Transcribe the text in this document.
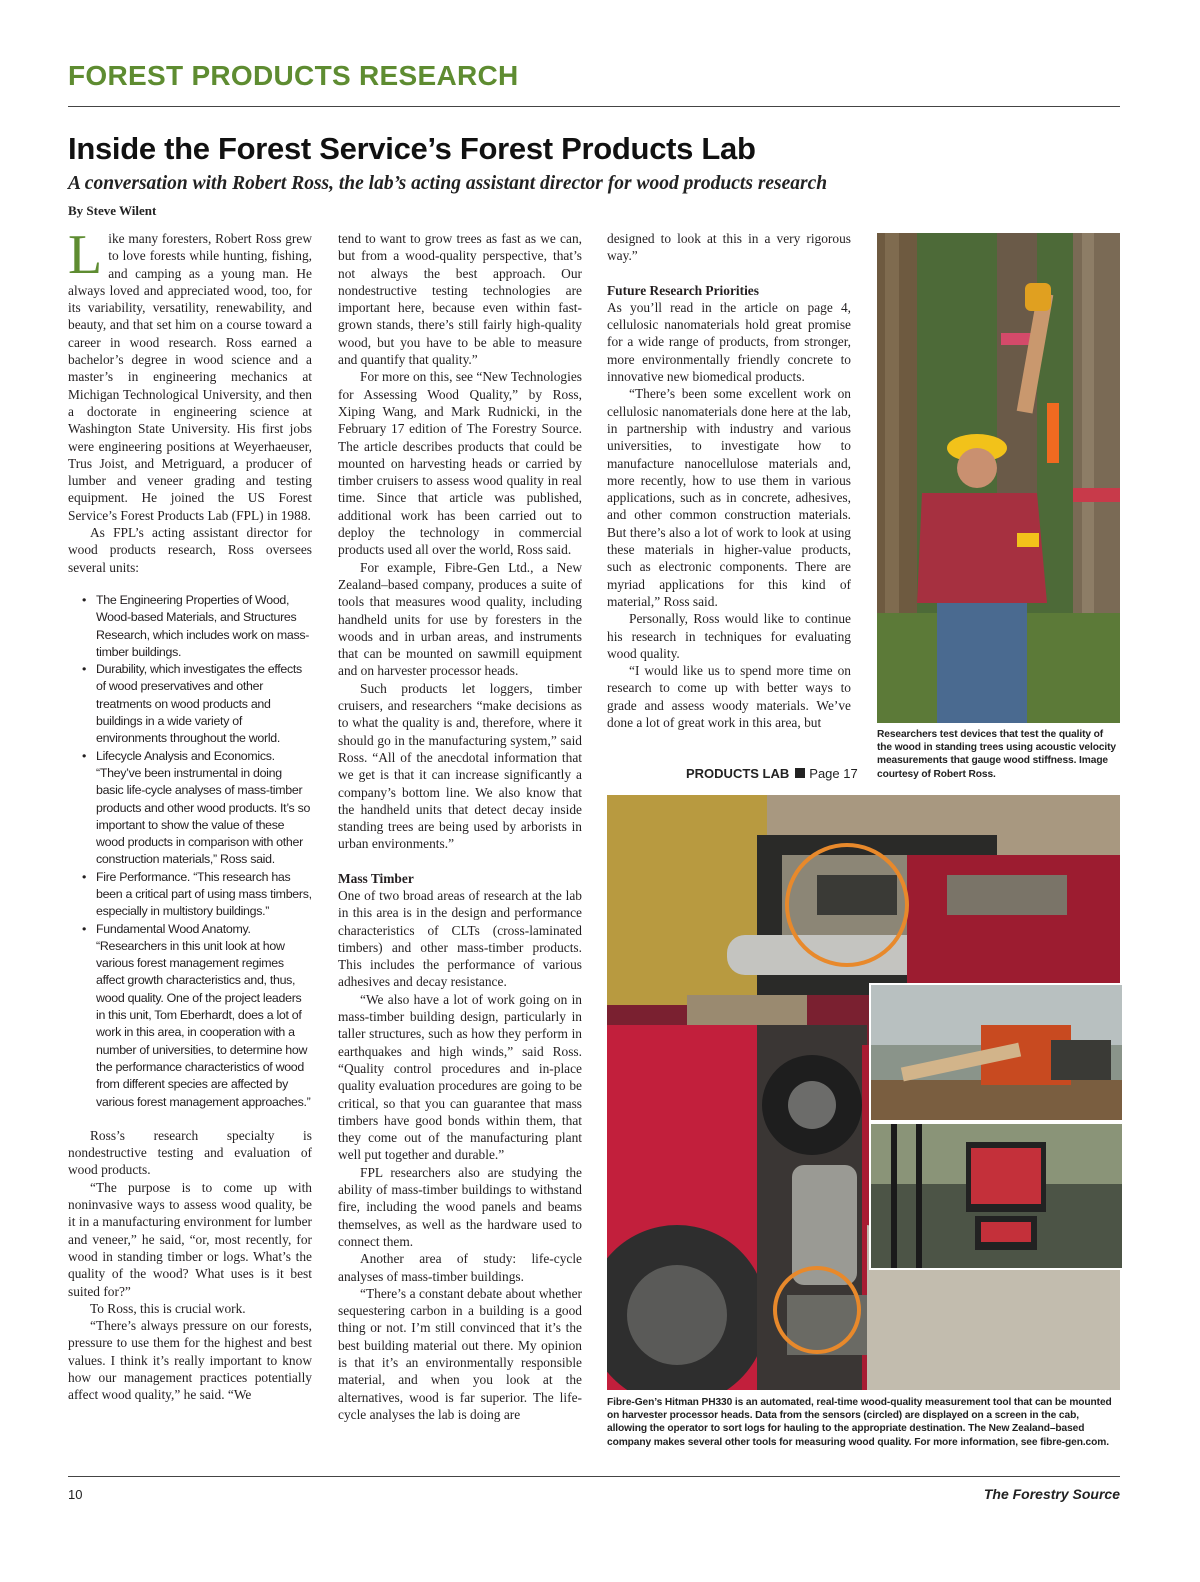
FOREST PRODUCTS RESEARCH
Inside the Forest Service’s Forest Products Lab
A conversation with Robert Ross, the lab’s acting assistant director for wood products research
By Steve Wilent

Like many foresters, Robert Ross grew to love forests while hunting, fishing, and camping as a young man. He always loved and appreciated wood, too, for its variability, versatility, renewability, and beauty, and that set him on a course toward a career in wood research. Ross earned a bachelor’s degree in wood science and a master’s in engineering mechanics at Michigan Technological University, and then a doctorate in engineering science at Washington State University. His first jobs were engineering positions at Weyerhaeuser, Trus Joist, and Metriguard, a producer of lumber and veneer grading and testing equipment. He joined the US Forest Service’s Forest Products Lab (FPL) in 1988.

As FPL’s acting assistant director for wood products research, Ross oversees several units:

• The Engineering Properties of Wood, Wood-based Materials, and Structures Research, which includes work on mass-timber buildings.
• Durability, which investigates the effects of wood preservatives and other treatments on wood products and buildings in a wide variety of environments throughout the world.
• Lifecycle Analysis and Economics. “They’ve been instrumental in doing basic life-cycle analyses of mass-timber products and other wood products. It’s so important to show the value of these wood products in comparison with other construction materials,” Ross said.
• Fire Performance. “This research has been a critical part of using mass timbers, especially in multistory buildings.”
• Fundamental Wood Anatomy. “Researchers in this unit look at how various forest management regimes affect growth characteristics and, thus, wood quality. One of the project leaders in this unit, Tom Eberhardt, does a lot of work in this area, in cooperation with a number of universities, to determine how the performance characteristics of wood from different species are affected by various forest management approaches.”

Ross’s research specialty is nondestructive testing and evaluation of wood products.

“The purpose is to come up with noninvasive ways to assess wood quality, be it in a manufacturing environment for lumber and veneer,” he said, “or, most recently, for wood in standing timber or logs. What’s the quality of the wood? What uses is it best suited for?”

To Ross, this is crucial work.

“There’s always pressure on our forests, pressure to use them for the highest and best values. I think it’s really important to know how our management practices potentially affect wood quality,” he said. “We

tend to want to grow trees as fast as we can, but from a wood-quality perspective, that’s not always the best approach. Our nondestructive testing technologies are important here, because even within fast-grown stands, there’s still fairly high-quality wood, but you have to be able to measure and quantify that quality.”

For more on this, see “New Technologies for Assessing Wood Quality,” by Ross, Xiping Wang, and Mark Rudnicki, in the February 17 edition of The Forestry Source. The article describes products that could be mounted on harvesting heads or carried by timber cruisers to assess wood quality in real time. Since that article was published, additional work has been carried out to deploy the technology in commercial products used all over the world, Ross said.

For example, Fibre-Gen Ltd., a New Zealand–based company, produces a suite of tools that measures wood quality, including handheld units for use by foresters in the woods and in urban areas, and instruments that can be mounted on sawmill equipment and on harvester processor heads.

Such products let loggers, timber cruisers, and researchers “make decisions as to what the quality is and, therefore, where it should go in the manufacturing system,” said Ross. “All of the anecdotal information that we get is that it can increase significantly a company’s bottom line. We also know that the handheld units that detect decay inside standing trees are being used by arborists in urban environments.”

Mass Timber

One of two broad areas of research at the lab in this area is in the design and performance characteristics of CLTs (cross-laminated timbers) and other mass-timber products. This includes the performance of various adhesives and decay resistance.

“We also have a lot of work going on in mass-timber building design, particularly in taller structures, such as how they perform in earthquakes and high winds,” said Ross. “Quality control procedures and in-place quality evaluation procedures are going to be critical, so that you can guarantee that mass timbers have good bonds within them, that they come out of the manufacturing plant well put together and durable.”

FPL researchers also are studying the ability of mass-timber buildings to withstand fire, including the wood panels and beams themselves, as well as the hardware used to connect them.

Another area of study: life-cycle analyses of mass-timber buildings.

“There’s a constant debate about whether sequestering carbon in a building is a good thing or not. I’m still convinced that it’s the best building material out there. My opinion is that it’s an environmentally responsible material, and when you look at the alternatives, wood is far superior. The life-cycle analyses the lab is doing are

designed to look at this in a very rigorous way.”

Future Research Priorities

As you’ll read in the article on page 4, cellulosic nanomaterials hold great promise for a wide range of products, from stronger, more environmentally friendly concrete to innovative new biomedical products.

“There’s been some excellent work on cellulosic nanomaterials done here at the lab, in partnership with industry and various universities, to investigate how to manufacture nanocellulose materials and, more recently, how to use them in various applications, such as in concrete, adhesives, and other common construction materials. But there’s also a lot of work to look at using these materials in higher-value products, such as electronic components. There are myriad applications for this kind of material,” Ross said.

Personally, Ross would like to continue his research in techniques for evaluating wood quality.

“I would like us to spend more time on research to come up with better ways to grade and assess woody materials. We’ve done a lot of great work in this area, but

PRODUCTS LAB Page 17
Researchers test devices that test the quality of the wood in standing trees using acoustic velocity measurements that gauge wood stiffness. Image courtesy of Robert Ross.
Fibre-Gen’s Hitman PH330 is an automated, real-time wood-quality measurement tool that can be mounted on harvester processor heads. Data from the sensors (circled) are displayed on a screen in the cab, allowing the operator to sort logs for hauling to the appropriate destination. The New Zealand–based company makes several other tools for measuring wood quality. For more information, see fibre-gen.com.
10	The Forestry Source
